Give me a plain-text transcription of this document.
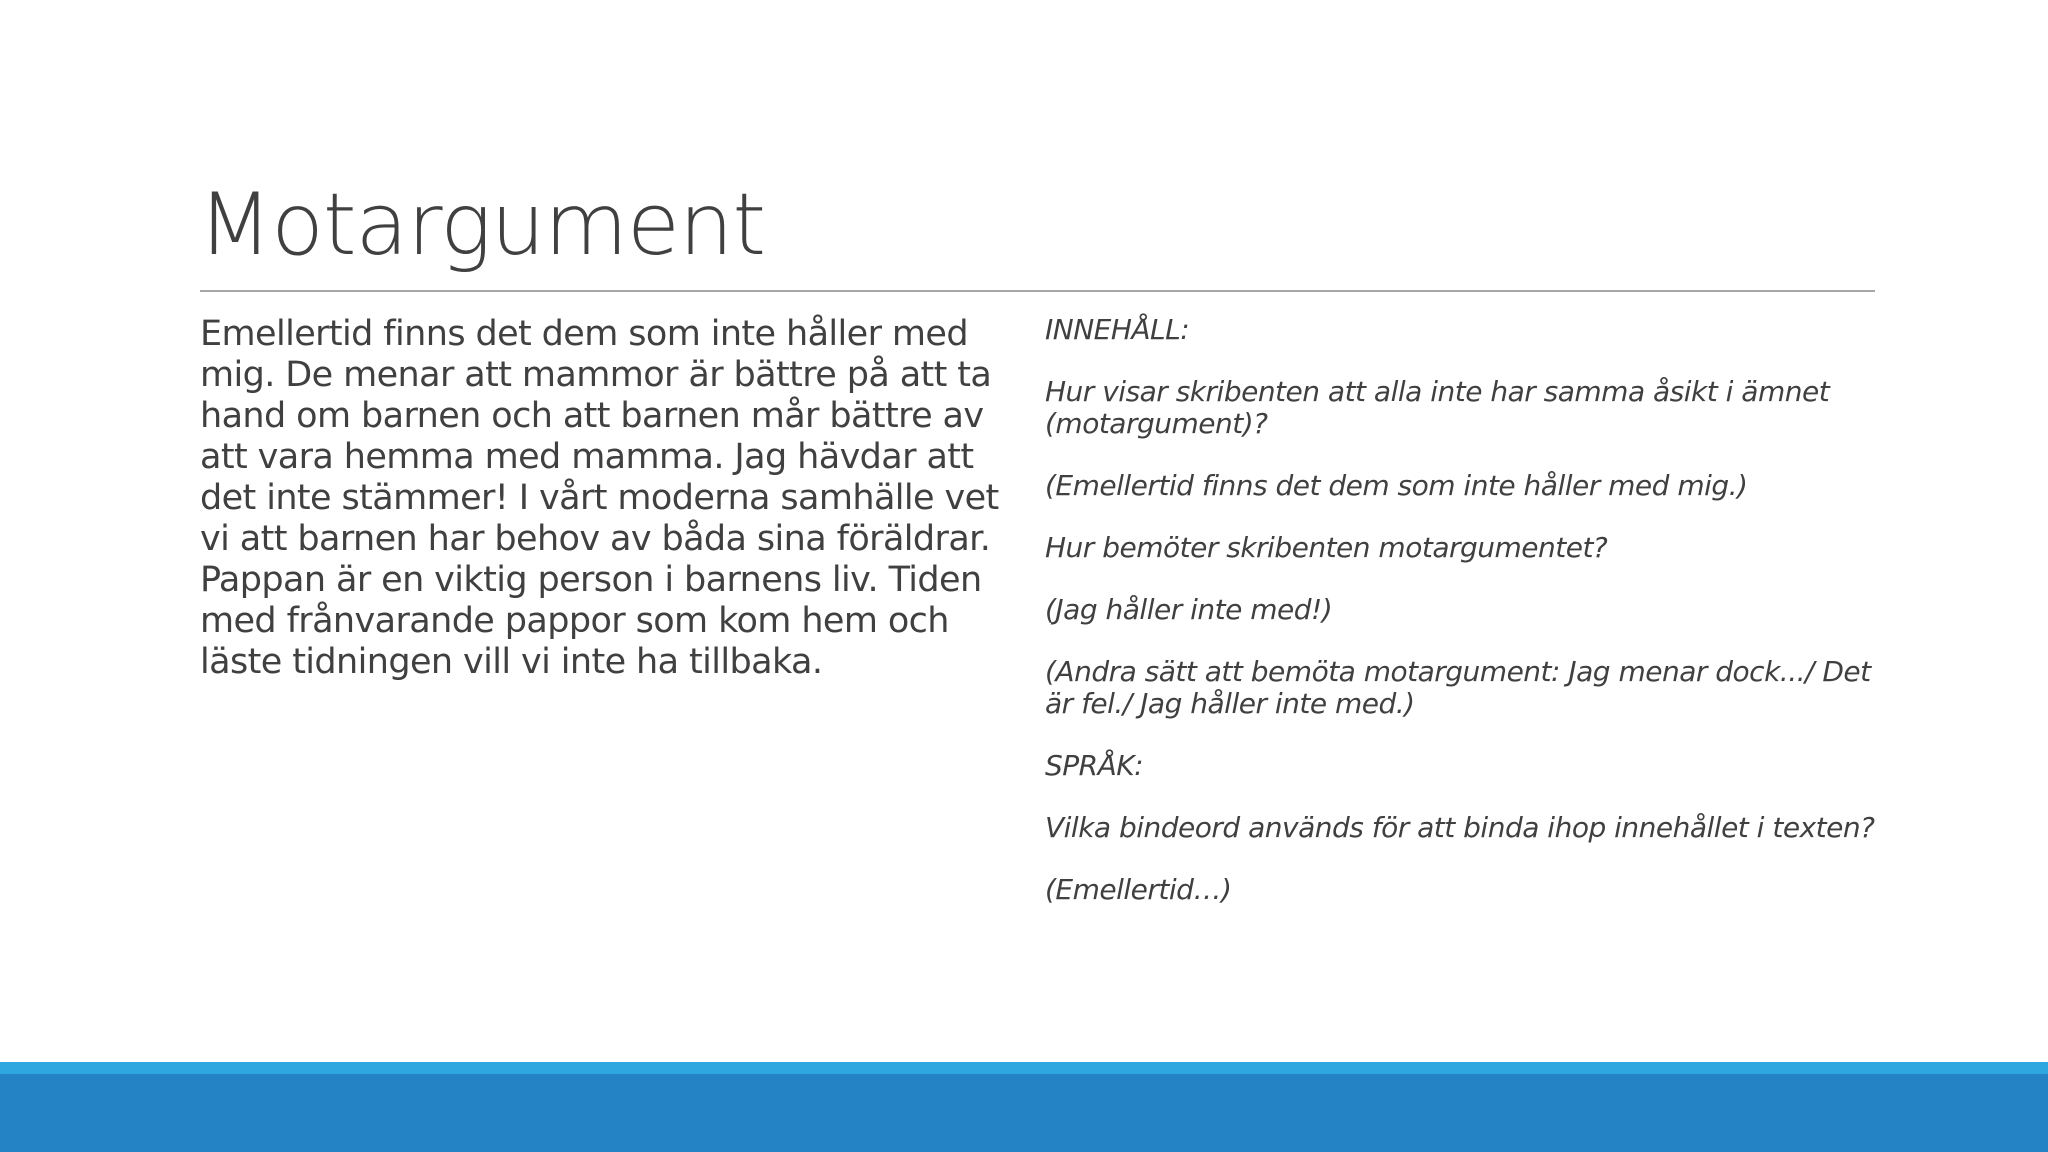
Motargument
Emellertid finns det dem som inte håller med mig. De menar att mammor är bättre på att ta hand om barnen och att barnen mår bättre av att vara hemma med mamma. Jag hävdar att det inte stämmer! I vårt moderna samhälle vet vi att barnen har behov av båda sina föräldrar. Pappan är en viktig person i barnens liv. Tiden med frånvarande pappor som kom hem och läste tidningen vill vi inte ha tillbaka.

INNEHÅLL:

Hur visar skribenten att alla inte har samma åsikt i ämnet (motargument)?

(Emellertid finns det dem som inte håller med mig.)

Hur bemöter skribenten motargumentet?

(Jag håller inte med!)

(Andra sätt att bemöta motargument: Jag menar dock.../ Det är fel./ Jag håller inte med.)

SPRÅK:

Vilka bindeord används för att binda ihop innehållet i texten?

(Emellertid…)
